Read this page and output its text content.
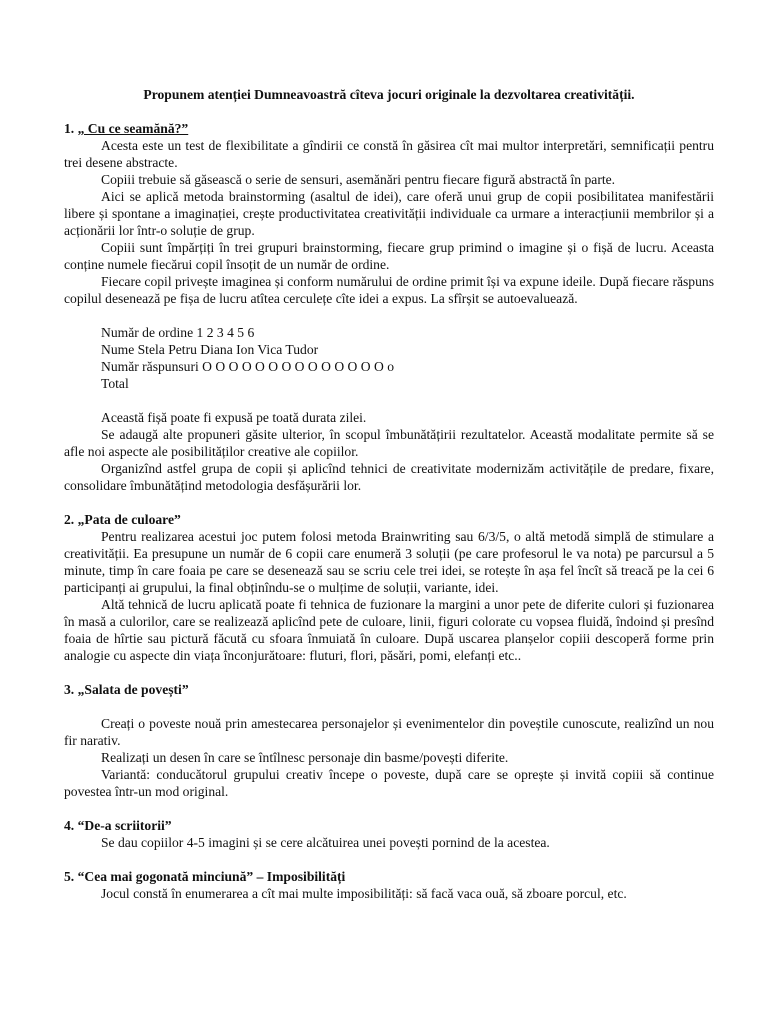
Propunem atenției Dumneavoastră cîteva jocuri originale la dezvoltarea creativității.
1. „ Cu ce seamănă?”

Acesta este un test de flexibilitate a gîndirii ce constă în găsirea cît mai multor interpretări, semnificații pentru trei desene abstracte.

Copiii trebuie să găsească o serie de sensuri, asemănări pentru fiecare figură abstractă în parte.

Aici se aplică metoda brainstorming (asaltul de idei), care oferă unui grup de copii posibilitatea manifestării libere și spontane a imaginației, crește productivitatea creativității individuale ca urmare a interacțiunii membrilor și a acționării lor într-o soluție de grup.

Copiii sunt împărțiți în trei grupuri brainstorming, fiecare grup primind o imagine și o fișă de lucru. Aceasta conține numele fiecărui copil însoțit de un număr de ordine.

Fiecare copil privește imaginea și conform numărului de ordine primit își va expune ideile. După fiecare răspuns copilul desenează pe fișa de lucru atîtea cerculețe cîte idei a expus. La sfîrșit se autoevaluează.

Număr de ordine 1 2 3 4 5 6
Nume Stela Petru Diana Ion Vica Tudor
Număr răspunsuri O O O O O O O O O O O O O O o
Total

Această fișă poate fi expusă pe toată durata zilei.

Se adaugă alte propuneri găsite ulterior, în scopul îmbunătățirii rezultatelor. Această modalitate permite să se afle noi aspecte ale posibilităților creative ale copiilor.

Organizînd astfel grupa de copii și aplicînd tehnici de creativitate modernizăm activitățile de predare, fixare, consolidare îmbunătățind metodologia desfășurării lor.

2. „Pata de culoare”

Pentru realizarea acestui joc putem folosi metoda Brainwriting sau 6/3/5, o altă metodă simplă de stimulare a creativității. Ea presupune un număr de 6 copii care enumeră 3 soluții (pe care profesorul le va nota) pe parcursul a 5 minute, timp în care foaia pe care se desenează sau se scriu cele trei idei, se rotește în așa fel încît să treacă pe la cei 6 participanți ai grupului, la final obținîndu-se o mulțime de soluții, variante, idei.

Altă tehnică de lucru aplicată poate fi tehnica de fuzionare la margini a unor pete de diferite culori și fuzionarea în masă a culorilor, care se realizează aplicînd pete de culoare, linii, figuri colorate cu vopsea fluidă, îndoind și presînd foaia de hîrtie sau pictură făcută cu sfoara înmuiată în culoare. După uscarea planșelor copiii descoperă forme prin analogie cu aspecte din viața înconjurătoare: fluturi, flori, păsări, pomi, elefanți etc..

3. „Salata de povești”

Creați o poveste nouă prin amestecarea personajelor și evenimentelor din poveștile cunoscute, realizînd un nou fir narativ.

Realizați un desen în care se întîlnesc personaje din basme/povești diferite.

Variantă: conducătorul grupului creativ începe o poveste, după care se oprește și invită copiii să continue povestea într-un mod original.

4. “De-a scriitorii”

Se dau copiilor 4-5 imagini și se cere alcătuirea unei povești pornind de la acestea.

5. “Cea mai gogonată minciună” – Imposibilități

Jocul constă în enumerarea a cît mai multe imposibilități: să facă vaca ouă, să zboare porcul, etc.
